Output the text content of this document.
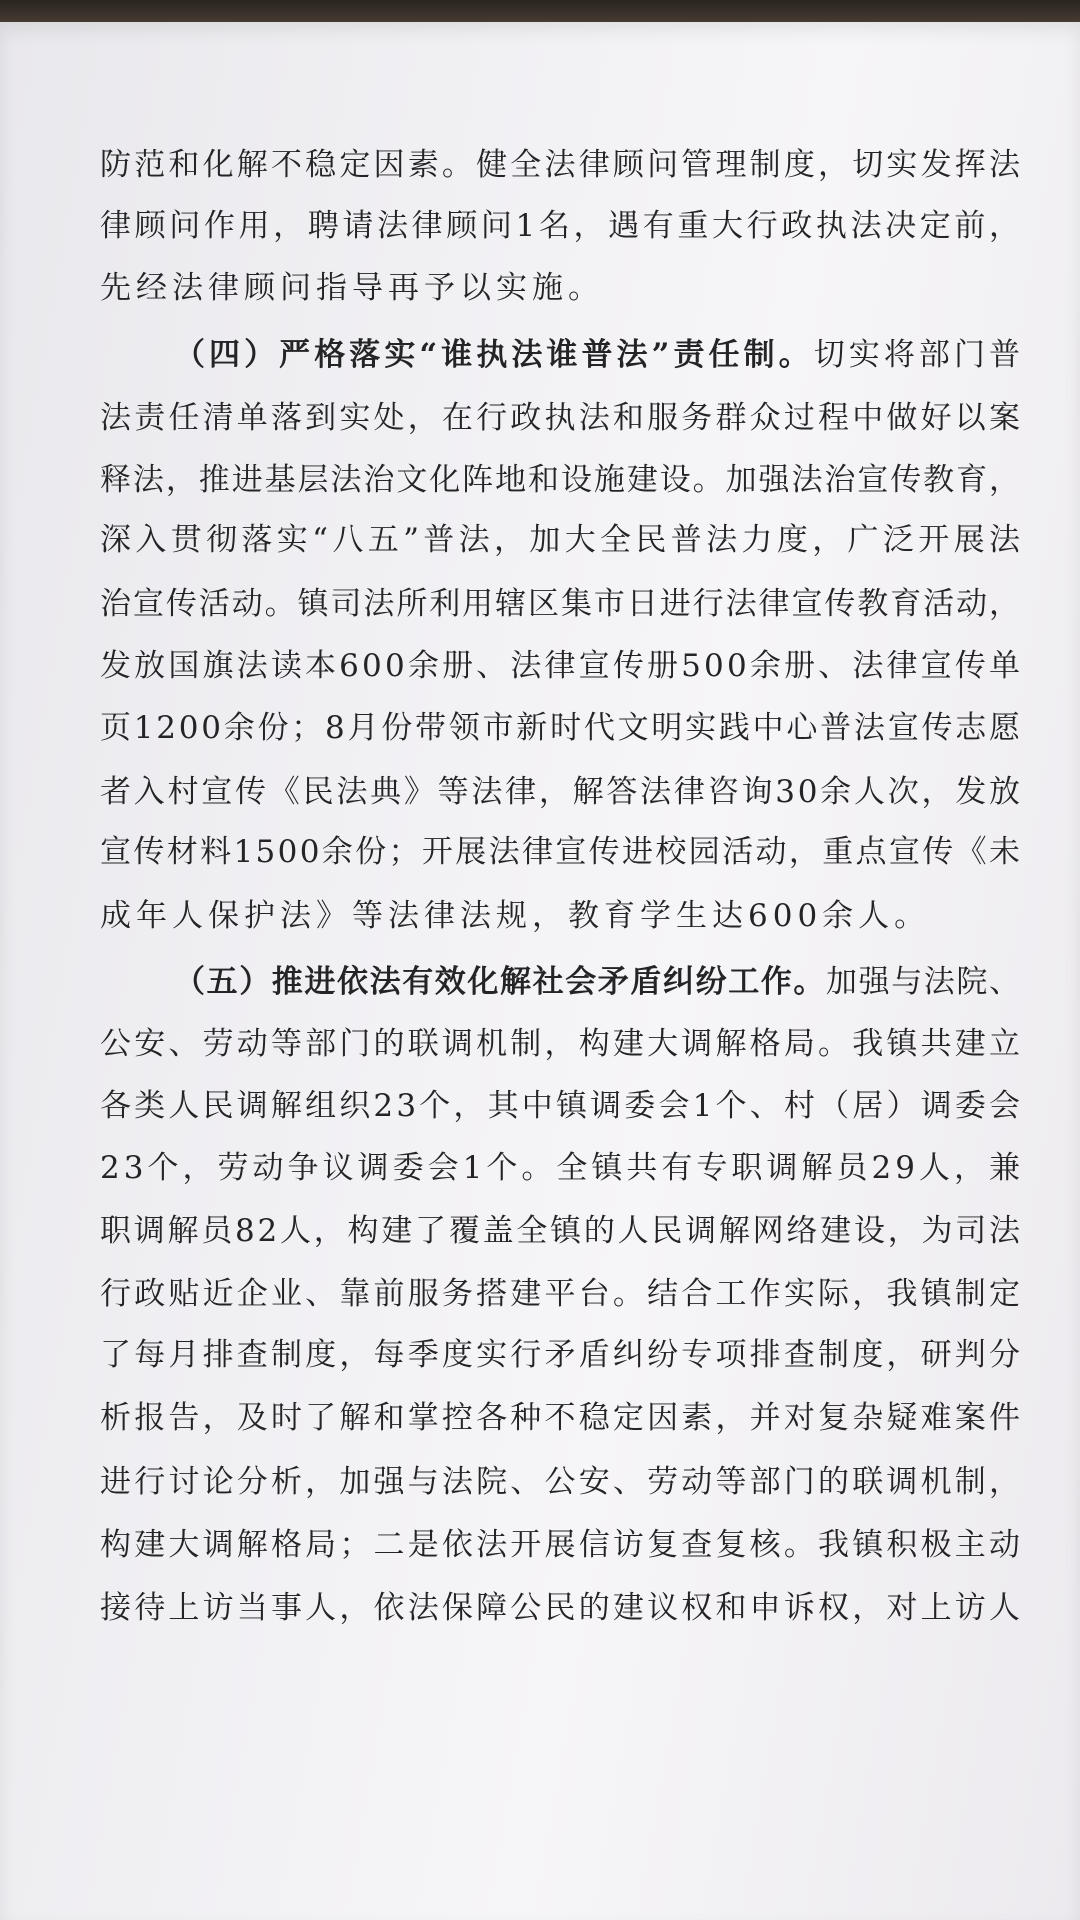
防范和化解不稳定因素。健全法律顾问管理制度，切实发挥法
律顾问作用，聘请法律顾问1名，遇有重大行政执法决定前，
先经法律顾问指导再予以实施。
（四）严格落实“谁执法谁普法”责任制。切实将部门普
法责任清单落到实处，在行政执法和服务群众过程中做好以案
释法，推进基层法治文化阵地和设施建设。加强法治宣传教育，
深入贯彻落实“八五”普法，加大全民普法力度，广泛开展法
治宣传活动。镇司法所利用辖区集市日进行法律宣传教育活动，
发放国旗法读本600余册、法律宣传册500余册、法律宣传单
页1200余份；8月份带领市新时代文明实践中心普法宣传志愿
者入村宣传《民法典》等法律，解答法律咨询30余人次，发放
宣传材料1500余份；开展法律宣传进校园活动，重点宣传《未
成年人保护法》等法律法规，教育学生达600余人。
（五）推进依法有效化解社会矛盾纠纷工作。加强与法院、
公安、劳动等部门的联调机制，构建大调解格局。我镇共建立
各类人民调解组织23个，其中镇调委会1个、村（居）调委会
23个，劳动争议调委会1个。全镇共有专职调解员29人，兼
职调解员82人，构建了覆盖全镇的人民调解网络建设，为司法
行政贴近企业、靠前服务搭建平台。结合工作实际，我镇制定
了每月排查制度，每季度实行矛盾纠纷专项排查制度，研判分
析报告，及时了解和掌控各种不稳定因素，并对复杂疑难案件
进行讨论分析，加强与法院、公安、劳动等部门的联调机制，
构建大调解格局；二是依法开展信访复查复核。我镇积极主动
接待上访当事人，依法保障公民的建议权和申诉权，对上访人
